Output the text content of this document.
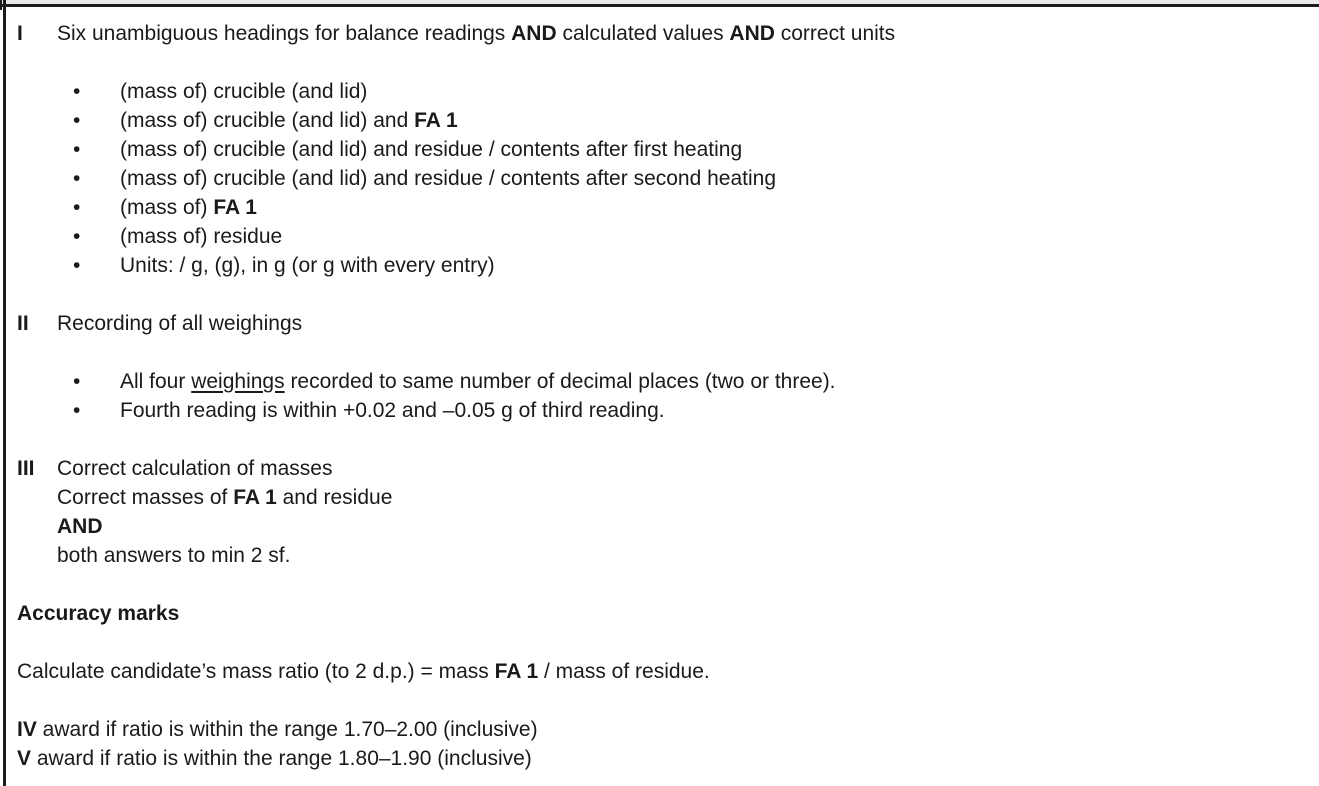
I	Six unambiguous headings for balance readings AND calculated values AND correct units
•	(mass of) crucible (and lid)
•	(mass of) crucible (and lid) and FA 1
•	(mass of) crucible (and lid) and residue / contents after first heating
•	(mass of) crucible (and lid) and residue / contents after second heating
•	(mass of) FA 1
•	(mass of) residue
•	Units: / g, (g), in g (or g with every entry)
II	Recording of all weighings
•	All four weighings recorded to same number of decimal places (two or three).
•	Fourth reading is within +0.02 and –0.05 g of third reading.
III	Correct calculation of masses
Correct masses of FA 1 and residue
AND
both answers to min 2 sf.
Accuracy marks
Calculate candidate’s mass ratio (to 2 d.p.) = mass FA 1 / mass of residue.
IV award if ratio is within the range 1.70–2.00 (inclusive)
V award if ratio is within the range 1.80–1.90 (inclusive)
